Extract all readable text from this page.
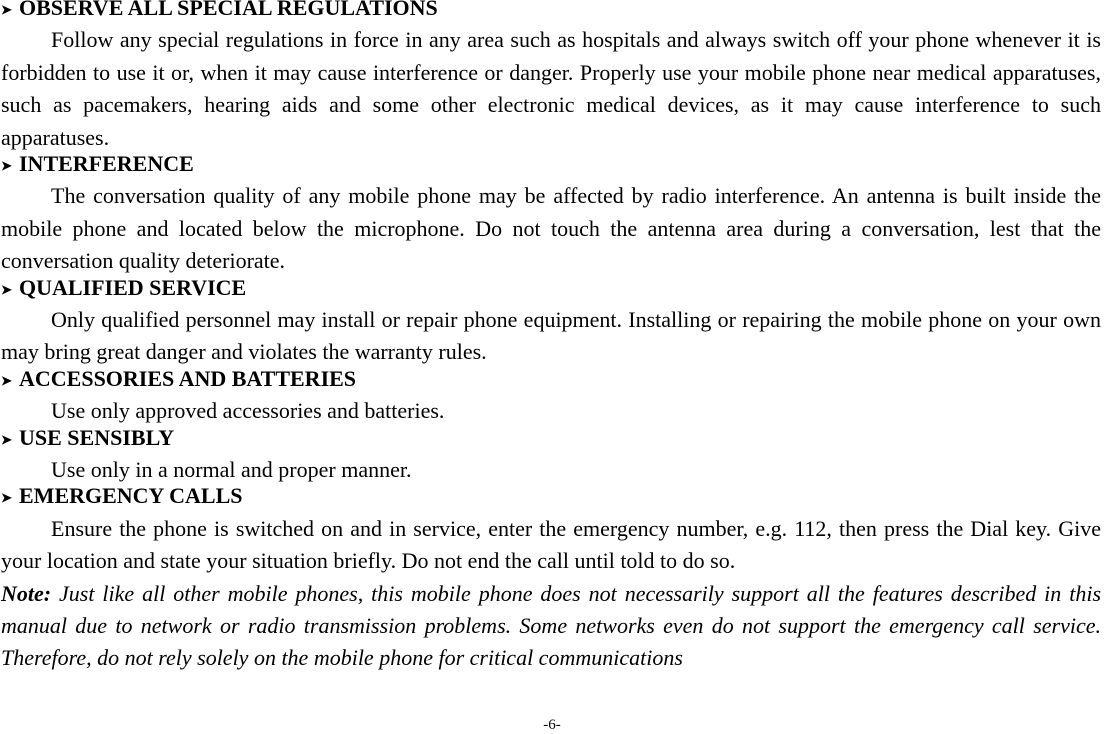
➤ OBSERVE ALL SPECIAL REGULATIONS

Follow any special regulations in force in any area such as hospitals and always switch off your phone whenever it is forbidden to use it or, when it may cause interference or danger. Properly use your mobile phone near medical apparatuses, such as pacemakers, hearing aids and some other electronic medical devices, as it may cause interference to such apparatuses.

➤ INTERFERENCE

The conversation quality of any mobile phone may be affected by radio interference. An antenna is built inside the mobile phone and located below the microphone. Do not touch the antenna area during a conversation, lest that the conversation quality deteriorate.

➤ QUALIFIED SERVICE

Only qualified personnel may install or repair phone equipment. Installing or repairing the mobile phone on your own may bring great danger and violates the warranty rules.

➤ ACCESSORIES AND BATTERIES

Use only approved accessories and batteries.

➤ USE SENSIBLY

Use only in a normal and proper manner.

➤ EMERGENCY CALLS

Ensure the phone is switched on and in service, enter the emergency number, e.g. 112, then press the Dial key. Give your location and state your situation briefly. Do not end the call until told to do so.

Note: Just like all other mobile phones, this mobile phone does not necessarily support all the features described in this manual due to network or radio transmission problems. Some networks even do not support the emergency call service. Therefore, do not rely solely on the mobile phone for critical communications

-6-
